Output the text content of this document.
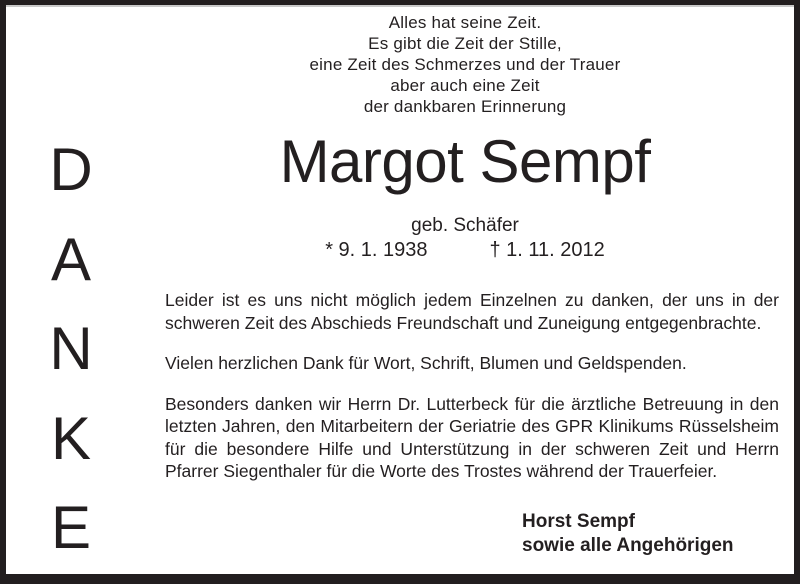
D
A
N
K
E
Alles hat seine Zeit.
Es gibt die Zeit der Stille,
eine Zeit des Schmerzes und der Trauer
aber auch eine Zeit
der dankbaren Erinnerung
Margot Sempf
geb. Schäfer
* 9. 1. 1938	† 1. 11. 2012

Leider ist es uns nicht möglich jedem Einzelnen zu danken, der uns in der schweren Zeit des Abschieds Freundschaft und Zuneigung entgegenbrachte.

Vielen herzlichen Dank für Wort, Schrift, Blumen und Geldspenden.

Besonders danken wir Herrn Dr. Lutterbeck für die ärztliche Betreuung in den letzten Jahren, den Mitarbeitern der Geriatrie des GPR Klinikums Rüsselsheim für die besondere Hilfe und Unterstützung in der schweren Zeit und Herrn Pfarrer Siegenthaler für die Worte des Trostes während der Trauerfeier.

Horst Sempf
sowie alle Angehörigen
